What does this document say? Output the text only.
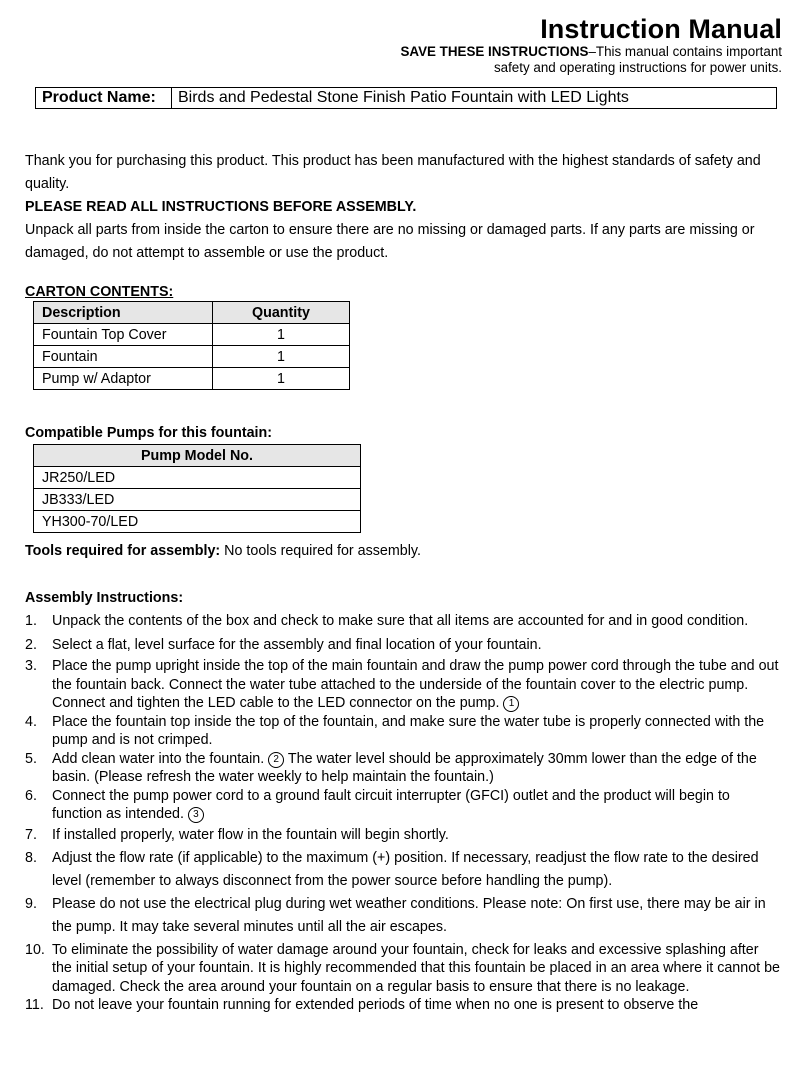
Instruction Manual
SAVE THESE INSTRUCTIONS–This manual contains important
safety and operating instructions for power units.
Product Name:	Birds and Pedestal Stone Finish Patio Fountain with LED Lights
Thank you for purchasing this product. This product has been manufactured with the highest standards of safety and quality.
PLEASE READ ALL INSTRUCTIONS BEFORE ASSEMBLY.
Unpack all parts from inside the carton to ensure there are no missing or damaged parts. If any parts are missing or damaged, do not attempt to assemble or use the product.
CARTON CONTENTS:
Description	Quantity
Fountain Top Cover	1
Fountain	1
Pump w/ Adaptor	1
Compatible Pumps for this fountain:
Pump Model No.
JR250/LED
JB333/LED
YH300-70/LED
Tools required for assembly: No tools required for assembly.
Assembly Instructions:
1.	Unpack the contents of the box and check to make sure that all items are accounted for and in good condition.
2.	Select a flat, level surface for the assembly and final location of your fountain.
3.	Place the pump upright inside the top of the main fountain and draw the pump power cord through the tube and out the fountain back. Connect the water tube attached to the underside of the fountain cover to the electric pump. Connect and tighten the LED cable to the LED connector on the pump. 1
4.	Place the fountain top inside the top of the fountain, and make sure the water tube is properly connected with the pump and is not crimped.
5.	Add clean water into the fountain. 2 The water level should be approximately 30mm lower than the edge of the basin. (Please refresh the water weekly to help maintain the fountain.)
6.	Connect the pump power cord to a ground fault circuit interrupter (GFCI) outlet and the product will begin to function as intended. 3
7.	If installed properly, water flow in the fountain will begin shortly.
8.	Adjust the flow rate (if applicable) to the maximum (+) position. If necessary, readjust the flow rate to the desired level (remember to always disconnect from the power source before handling the pump).
9.	Please do not use the electrical plug during wet weather conditions. Please note: On first use, there may be air in the pump. It may take several minutes until all the air escapes.
10. To eliminate the possibility of water damage around your fountain, check for leaks and excessive splashing after the initial setup of your fountain. It is highly recommended that this fountain be placed in an area where it cannot be damaged. Check the area around your fountain on a regular basis to ensure that there is no leakage.
11. Do not leave your fountain running for extended periods of time when no one is present to observe the
